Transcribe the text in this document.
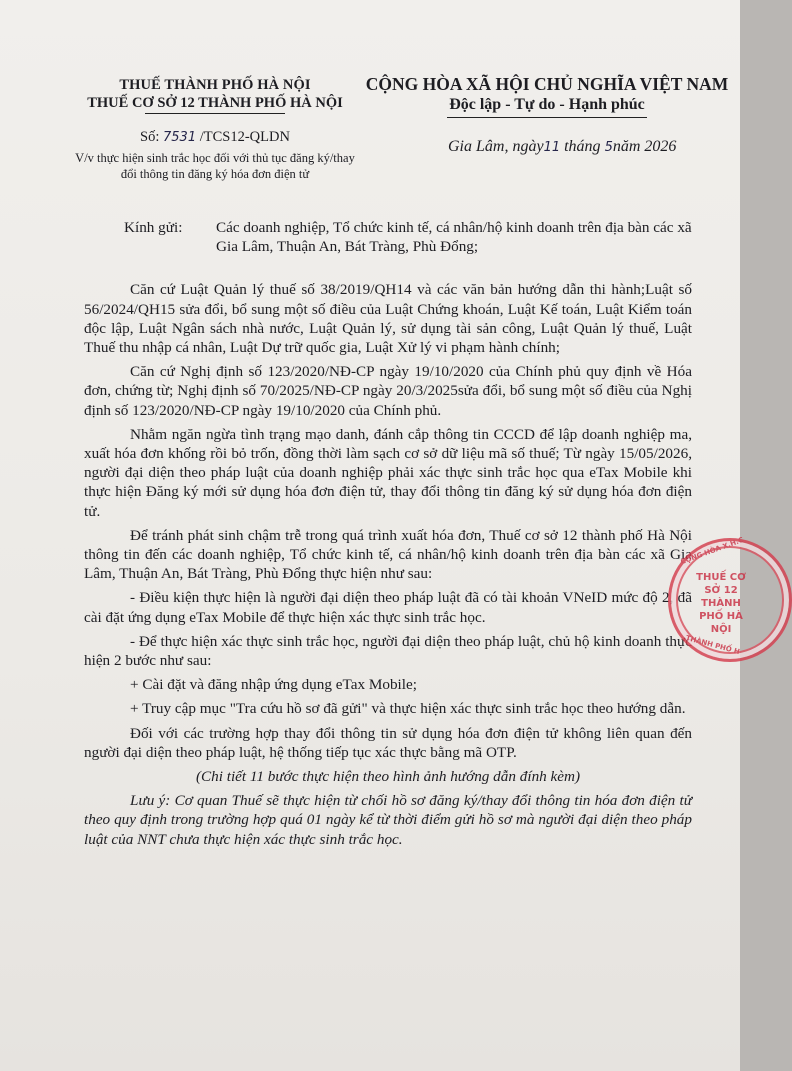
THUẾ THÀNH PHỐ HÀ NỘI
THUẾ CƠ SỞ 12 THÀNH PHỐ HÀ NỘI
Số: 7531 /TCS12-QLDN
V/v thực hiện sinh trắc học đối với thủ tục đăng ký/thay đổi thông tin đăng ký hóa đơn điện tử
CỘNG HÒA XÃ HỘI CHỦ NGHĨA VIỆT NAM
Độc lập - Tự do - Hạnh phúc
Gia Lâm, ngày11 tháng 5năm 2026
Kính gửi:	Các doanh nghiệp, Tổ chức kinh tế, cá nhân/hộ kinh doanh trên địa bàn các xã Gia Lâm, Thuận An, Bát Tràng, Phù Đổng;

Căn cứ Luật Quản lý thuế số 38/2019/QH14 và các văn bản hướng dẫn thi hành;Luật số 56/2024/QH15 sửa đổi, bổ sung một số điều của Luật Chứng khoán, Luật Kế toán, Luật Kiểm toán độc lập, Luật Ngân sách nhà nước, Luật Quản lý, sử dụng tài sản công, Luật Quản lý thuế, Luật Thuế thu nhập cá nhân, Luật Dự trữ quốc gia, Luật Xử lý vi phạm hành chính;

Căn cứ Nghị định số 123/2020/NĐ-CP ngày 19/10/2020 của Chính phủ quy định về Hóa đơn, chứng từ; Nghị định số 70/2025/NĐ-CP ngày 20/3/2025sửa đổi, bổ sung một số điều của Nghị định số 123/2020/NĐ-CP ngày 19/10/2020 của Chính phủ.

Nhằm ngăn ngừa tình trạng mạo danh, đánh cắp thông tin CCCD để lập doanh nghiệp ma, xuất hóa đơn khống rồi bỏ trốn, đồng thời làm sạch cơ sở dữ liệu mã số thuế; Từ ngày 15/05/2026, người đại diện theo pháp luật của doanh nghiệp phải xác thực sinh trắc học qua eTax Mobile khi thực hiện Đăng ký mới sử dụng hóa đơn điện tử, thay đổi thông tin đăng ký sử dụng hóa đơn điện tử.

Để tránh phát sinh chậm trễ trong quá trình xuất hóa đơn, Thuế cơ sở 12 thành phố Hà Nội thông tin đến các doanh nghiệp, Tổ chức kinh tế, cá nhân/hộ kinh doanh trên địa bàn các xã Gia Lâm, Thuận An, Bát Tràng, Phù Đổng thực hiện như sau:

- Điều kiện thực hiện là người đại diện theo pháp luật đã có tài khoản VNeID mức độ 2, đã cài đặt ứng dụng eTax Mobile để thực hiện xác thực sinh trắc học.

- Để thực hiện xác thực sinh trắc học, người đại diện theo pháp luật, chủ hộ kinh doanh thực hiện 2 bước như sau:

+ Cài đặt và đăng nhập ứng dụng eTax Mobile;

+ Truy cập mục "Tra cứu hồ sơ đã gửi" và thực hiện xác thực sinh trắc học theo hướng dẫn.

Đối với các trường hợp thay đổi thông tin sử dụng hóa đơn điện tử không liên quan đến người đại diện theo pháp luật, hệ thống tiếp tục xác thực bằng mã OTP.

(Chi tiết 11 bước thực hiện theo hình ảnh hướng dẫn đính kèm)

Lưu ý: Cơ quan Thuế sẽ thực hiện từ chối hồ sơ đăng ký/thay đổi thông tin hóa đơn điện tử theo quy định trong trường hợp quá 01 ngày kể từ thời điểm gửi hồ sơ mà người đại diện theo pháp luật của NNT chưa thực hiện xác thực sinh trắc học.

CỘNG HÒA X.H.C
THUẾ CƠ SỞ 12 THÀNH PHỐ HÀ NỘI
THÀNH PHỐ H
